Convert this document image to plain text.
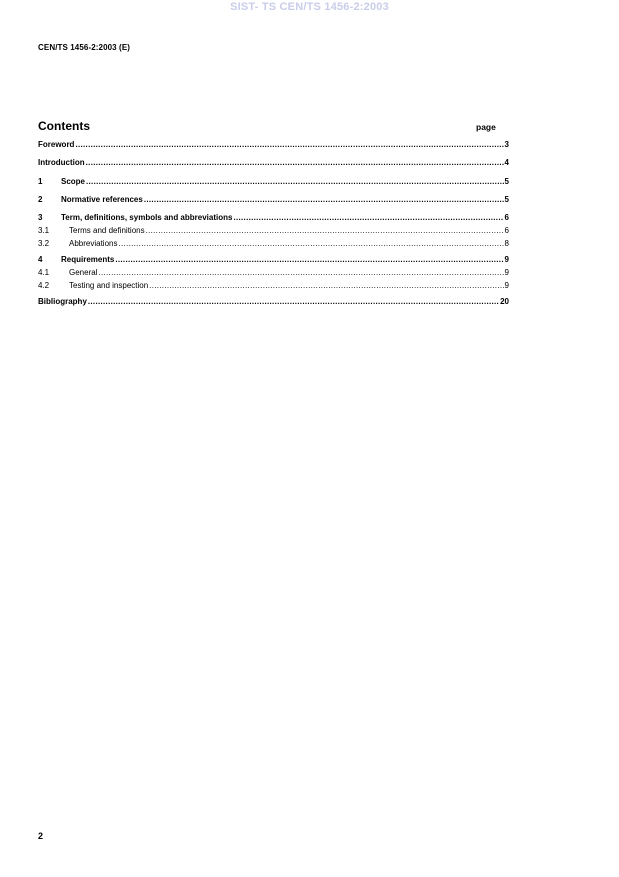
SIST- TS CEN/TS 1456-2:2003
CEN/TS 1456-2:2003 (E)
Contents	page
Foreword .....	3
Introduction .....	4
1	Scope .....	5
2	Normative references .....	5
3	Term, definitions, symbols and abbreviations .....	6
3.1	Terms and definitions .....	6
3.2	Abbreviations .....	8
4	Requirements .....	9
4.1	General .....	9
4.2	Testing and inspection .....	9
Bibliography .....	20
2
